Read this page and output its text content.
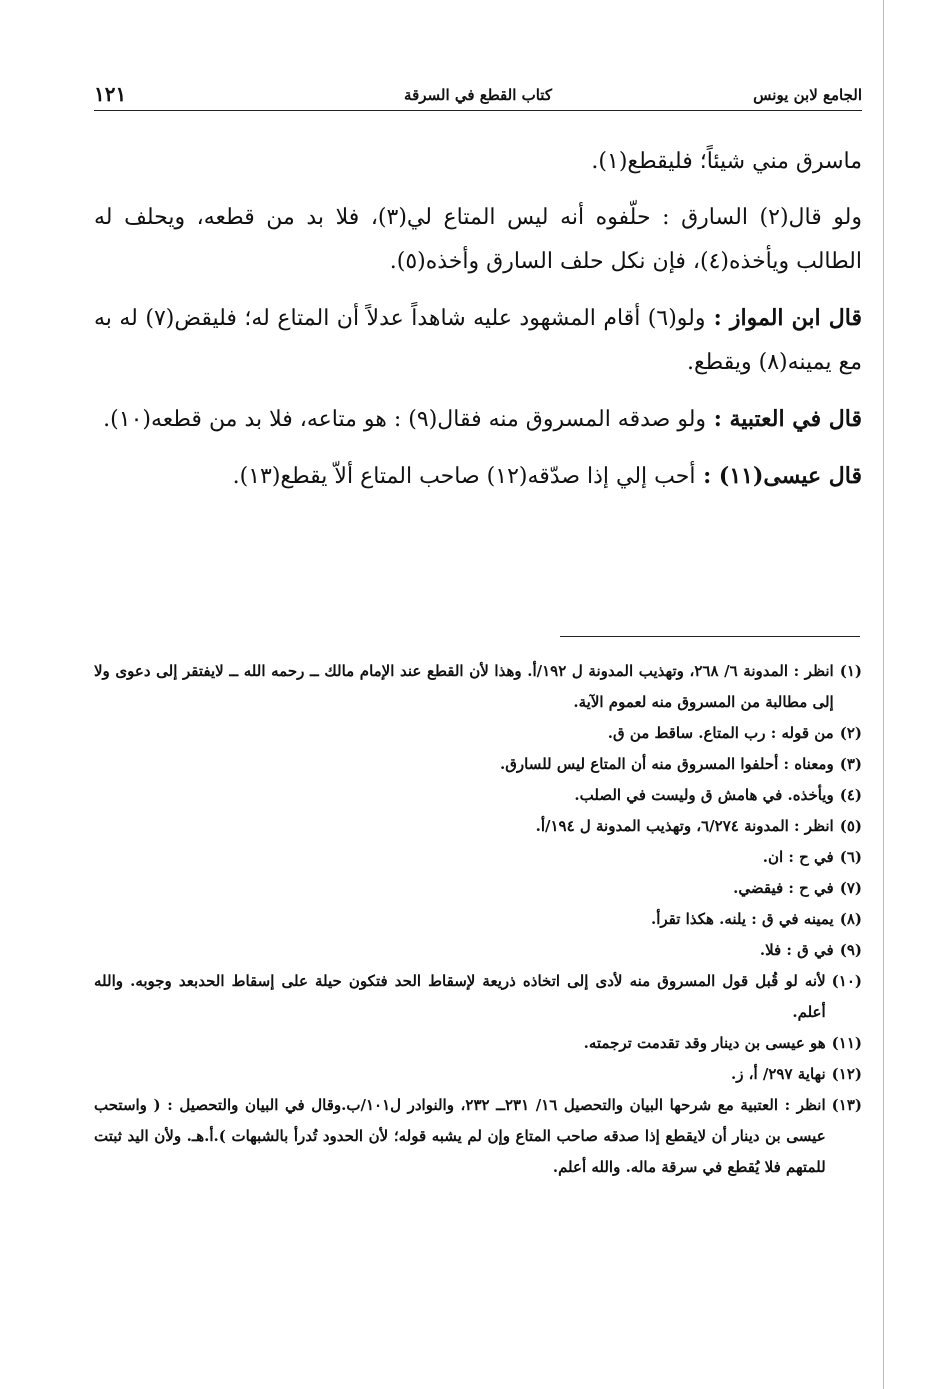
الجامع لابن يونس
كتاب القطع في السرقة
١٢١

ماسرق مني شيئاً؛ فليقطع(١).

ولو قال(٢) السارق : حلّفوه أنه ليس المتاع لي(٣)، فلا بد من قطعه، ويحلف له الطالب ويأخذه(٤)، فإن نكل حلف السارق وأخذه(٥).

قال ابن المواز : ولو(٦) أقام المشهود عليه شاهداً عدلاً أن المتاع له؛ فليقض(٧) له به مع يمينه(٨) ويقطع.

قال في العتبية : ولو صدقه المسروق منه فقال(٩) : هو متاعه، فلا بد من قطعه(١٠).

قال عيسى(١١) : أحب إلي إذا صدّقه(١٢) صاحب المتاع ألاّ يقطع(١٣).

(١)
انظر : المدونة ٦/ ٢٦٨، وتهذيب المدونة ل ١٩٢/أ. وهذا لأن القطع عند الإمام مالك ــ رحمه الله ــ لايفتقر إلى دعوى ولا إلى مطالبة من المسروق منه لعموم الآية.
(٢)
من قوله : رب المتاع. ساقط من ق.
(٣)
ومعناه : أحلفوا المسروق منه أن المتاع ليس للسارق.
(٤)
ويأخذه. في هامش ق وليست في الصلب.
(٥)
انظر : المدونة ٦/٢٧٤، وتهذيب المدونة ل ١٩٤/أ.
(٦)
في ح : ان.
(٧)
في ح : فيقضي.
(٨)
يمينه في ق : يلنه. هكذا تقرأ.
(٩)
في ق : فلا.
(١٠)
لأنه لو قُبل قول المسروق منه لأدى إلى اتخاذه ذريعة لإسقاط الحد فتكون حيلة على إسقاط الحدبعد وجوبه. والله أعلم.
(١١)
هو عيسى بن دينار وقد تقدمت ترجمته.
(١٢)
نهاية ٢٩٧/ أ، ز.
(١٣)
انظر : العتبية مع شرحها البيان والتحصيل ١٦/ ٢٣١ــ ٢٣٢، والنوادر ل١٠١/ب.وقال في البيان والتحصيل : ( واستحب عيسى بن دينار أن لايقطع إذا صدقه صاحب المتاع وإن لم يشبه قوله؛ لأن الحدود تُدرأ بالشبهات ).أ.هـ. ولأن اليد ثبتت للمتهم فلا يُقطع في سرقة ماله. والله أعلم.
